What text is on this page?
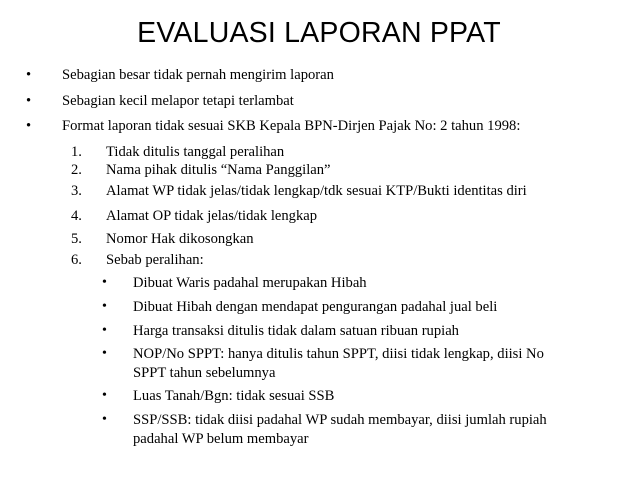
EVALUASI LAPORAN PPAT
• Sebagian besar tidak pernah mengirim laporan
• Sebagian kecil melapor tetapi terlambat
• Format laporan tidak sesuai SKB Kepala BPN-Dirjen Pajak No: 2 tahun 1998:
1. Tidak ditulis tanggal peralihan
2. Nama pihak ditulis “Nama Panggilan”
3. Alamat WP tidak jelas/tidak lengkap/tdk sesuai KTP/Bukti identitas diri
4. Alamat OP tidak jelas/tidak lengkap
5. Nomor Hak dikosongkan
6. Sebab peralihan:
• Dibuat Waris padahal merupakan Hibah
• Dibuat Hibah dengan mendapat pengurangan padahal jual beli
• Harga transaksi ditulis tidak dalam satuan ribuan rupiah
• NOP/No SPPT: hanya ditulis tahun SPPT, diisi tidak lengkap, diisi No
SPPT tahun sebelumnya
• Luas Tanah/Bgn: tidak sesuai SSB
• SSP/SSB: tidak diisi padahal WP sudah membayar, diisi jumlah rupiah
padahal WP belum membayar
